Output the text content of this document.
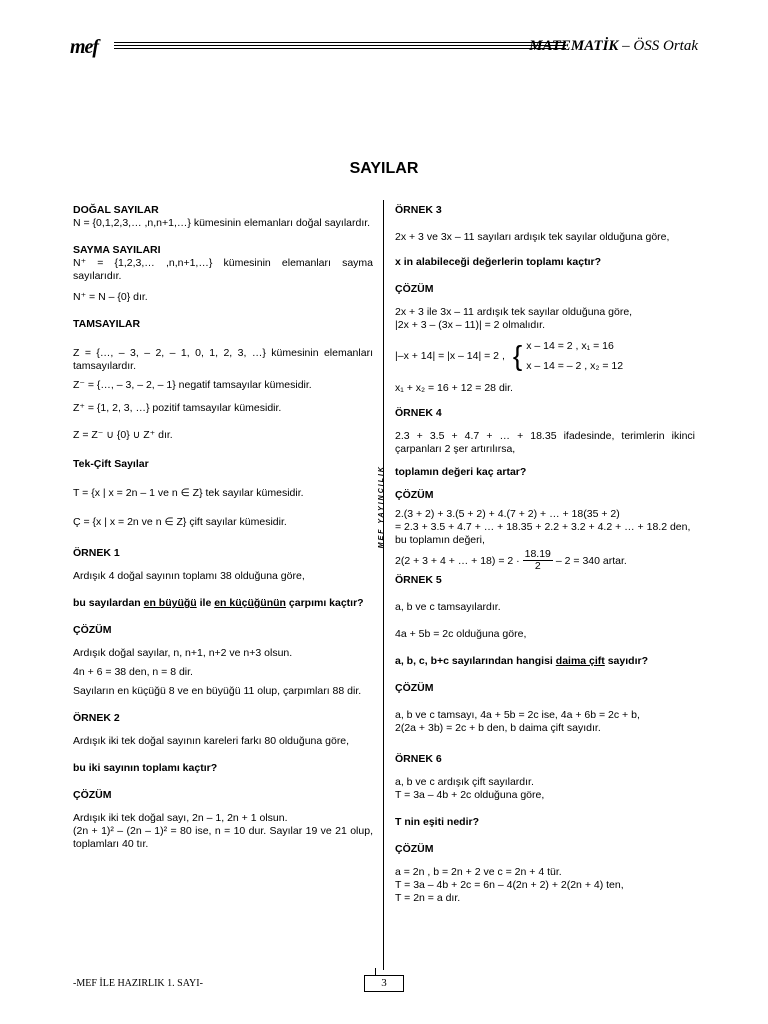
mef	MATEMATİK – ÖSS Ortak
SAYILAR
MEF YAYINCILIK

DOĞAL SAYILAR

N = {0,1,2,3,… ,n,n+1,…} kümesinin elemanları doğal sayılardır.

SAYMA SAYILARI

N⁺ = {1,2,3,… ,n,n+1,…} kümesinin elemanları sayma sayılarıdır.

N⁺ = N – {0} dır.

TAMSAYILAR

Z = {…, – 3, – 2, – 1, 0, 1, 2, 3, …} kümesinin elemanları tamsayılardır.

Z⁻ = {…, – 3, – 2, – 1} negatif tamsayılar kümesidir.

Z⁺ = {1, 2, 3, …} pozitif tamsayılar kümesidir.

Z = Z⁻ ∪ {0} ∪ Z⁺ dır.

Tek-Çift Sayılar

T = {x | x = 2n – 1 ve n ∈ Z} tek sayılar kümesidir.

Ç = {x | x = 2n ve n ∈ Z} çift sayılar kümesidir.

ÖRNEK 1

Ardışık 4 doğal sayının toplamı 38 olduğuna göre,

bu sayılardan en büyüğü ile en küçüğünün çarpımı kaçtır?

ÇÖZÜM

Ardışık doğal sayılar, n, n+1, n+2 ve n+3 olsun.

4n + 6 = 38 den, n = 8 dir.

Sayıların en küçüğü 8 ve en büyüğü 11 olup, çarpımları 88 dir.

ÖRNEK 2

Ardışık iki tek doğal sayının kareleri farkı 80 olduğuna göre,

bu iki sayının toplamı kaçtır?

ÇÖZÜM

Ardışık iki tek doğal sayı, 2n – 1, 2n + 1 olsun.

(2n + 1)² – (2n – 1)² = 80 ise, n = 10 dur. Sayılar 19 ve 21 olup, toplamları 40 tır.

ÖRNEK 3

2x + 3 ve 3x – 11 sayıları ardışık tek sayılar olduğuna göre,

x in alabileceği değerlerin toplamı kaçtır?

ÇÖZÜM

2x + 3 ile 3x – 11 ardışık tek sayılar olduğuna göre,

|2x + 3 – (3x – 11)| = 2 olmalıdır.

|–x + 14| = |x – 14| = 2 , { x – 14 = 2 , x₁ = 16
x – 14 = – 2 , x₂ = 12

x₁ + x₂ = 16 + 12 = 28 dir.

ÖRNEK 4

2.3 + 3.5 + 4.7 + … + 18.35 ifadesinde, terimlerin ikinci çarpanları 2 şer artırılırsa,

toplamın değeri kaç artar?

ÇÖZÜM

2.(3 + 2) + 3.(5 + 2) + 4.(7 + 2) + … + 18(35 + 2)

= 2.3 + 3.5 + 4.7 + … + 18.35 + 2.2 + 3.2 + 4.2 + … + 18.2 den,

bu toplamın değeri,

2(2 + 3 + 4 + … + $18) = 2 \cdot \frac{18.19}{2} - 2 = 340$ artar.

ÖRNEK 5

a, b ve c tamsayılardır.

4a + 5b = 2c olduğuna göre,

a, b, c, b+c sayılarından hangisi daima çift sayıdır?

ÇÖZÜM

a, b ve c tamsayı, 4a + 5b = 2c ise, 4a + 6b = 2c + b,

2(2a + 3b) = 2c + b den, b daima çift sayıdır.

ÖRNEK 6

a, b ve c ardışık çift sayılardır.

T = 3a – 4b + 2c olduğuna göre,

T nin eşiti nedir?

ÇÖZÜM

a = 2n , b = 2n + 2 ve c = 2n + 4 tür.

T = 3a – 4b + 2c = 6n – 4(2n + 2) + 2(2n + 4) ten,

T = 2n = a dır.

-MEF İLE HAZIRLIK 1. SAYI-	3
